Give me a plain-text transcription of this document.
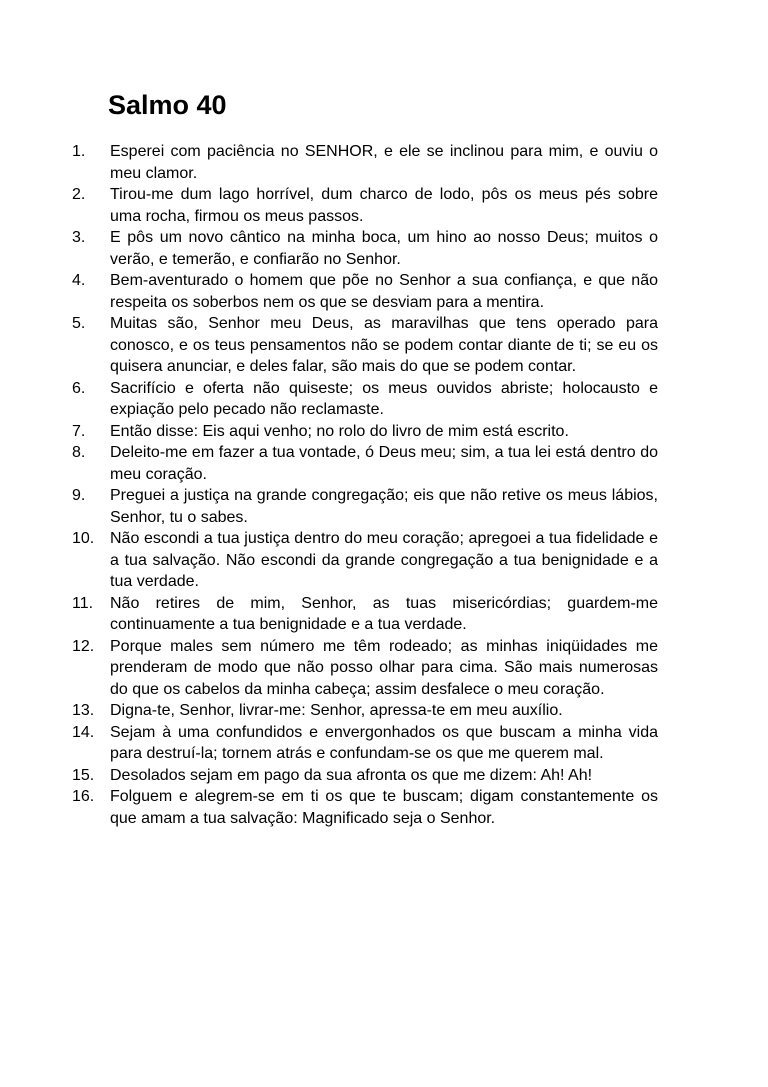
Salmo 40
1.	Esperei com paciência no SENHOR, e ele se inclinou para mim, e ouviu o meu clamor.
2.	Tirou-me dum lago horrível, dum charco de lodo, pôs os meus pés sobre uma rocha, firmou os meus passos.
3.	E pôs um novo cântico na minha boca, um hino ao nosso Deus; muitos o verão, e temerão, e confiarão no Senhor.
4.	Bem-aventurado o homem que põe no Senhor a sua confiança, e que não respeita os soberbos nem os que se desviam para a mentira.
5.	Muitas são, Senhor meu Deus, as maravilhas que tens operado para conosco, e os teus pensamentos não se podem contar diante de ti; se eu os quisera anunciar, e deles falar, são mais do que se podem contar.
6.	Sacrifício e oferta não quiseste; os meus ouvidos abriste; holocausto e expiação pelo pecado não reclamaste.
7.	Então disse: Eis aqui venho; no rolo do livro de mim está escrito.
8.	Deleito-me em fazer a tua vontade, ó Deus meu; sim, a tua lei está dentro do meu coração.
9.	Preguei a justiça na grande congregação; eis que não retive os meus lábios, Senhor, tu o sabes.
10. Não escondi a tua justiça dentro do meu coração; apregoei a tua fidelidade e a tua salvação. Não escondi da grande congregação a tua benignidade e a tua verdade.
11.	Não retires de mim, Senhor, as tuas misericórdias; guardem-me continuamente a tua benignidade e a tua verdade.
12. Porque males sem número me têm rodeado; as minhas iniqüidades me prenderam de modo que não posso olhar para cima. São mais numerosas do que os cabelos da minha cabeça; assim desfalece o meu coração.
13. Digna-te, Senhor, livrar-me: Senhor, apressa-te em meu auxílio.
14. Sejam à uma confundidos e envergonhados os que buscam a minha vida para destruí-la; tornem atrás e confundam-se os que me querem mal.
15. Desolados sejam em pago da sua afronta os que me dizem: Ah! Ah!
16. Folguem e alegrem-se em ti os que te buscam; digam constantemente os que amam a tua salvação: Magnificado seja o Senhor.
